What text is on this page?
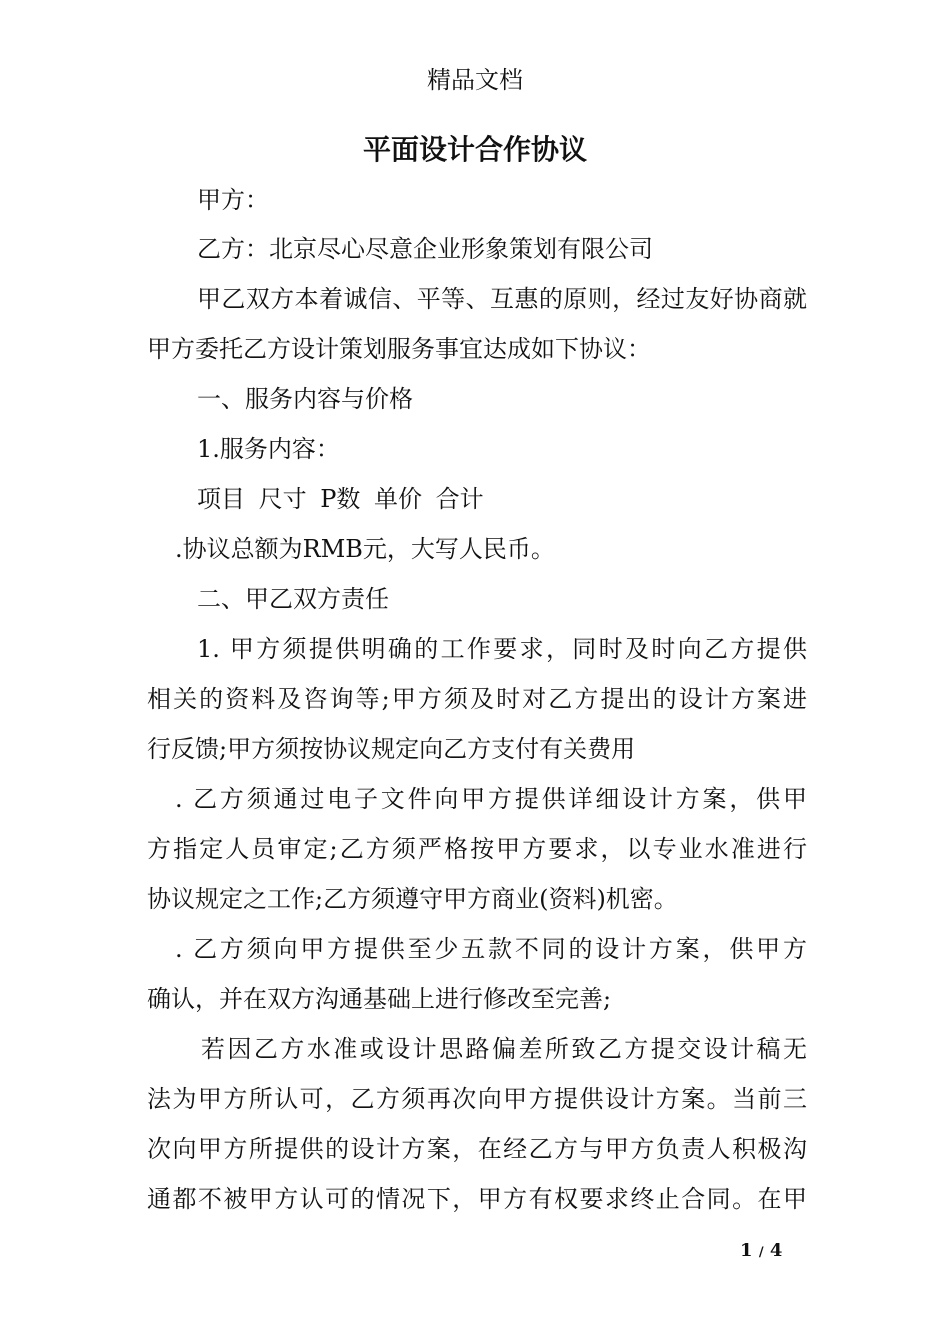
精品文档
平面设计合作协议
甲方：
乙方：北京尽心尽意企业形象策划有限公司
甲乙双方本着诚信、平等、互惠的原则，经过友好协商就
甲方委托乙方设计策划服务事宜达成如下协议：
一、服务内容与价格
1.服务内容：
项目 尺寸 P数 单价 合计
.协议总额为RMB元，大写人民币。
二、甲乙双方责任
1. 甲方须提供明确的工作要求，同时及时向乙方提供
相关的资料及咨询等;甲方须及时对乙方提出的设计方案进
行反馈;甲方须按协议规定向乙方支付有关费用
. 乙方须通过电子文件向甲方提供详细设计方案，供甲
方指定人员审定;乙方须严格按甲方要求，以专业水准进行
协议规定之工作;乙方须遵守甲方商业(资料)机密。
. 乙方须向甲方提供至少五款不同的设计方案，供甲方
确认，并在双方沟通基础上进行修改至完善;
若因乙方水准或设计思路偏差所致乙方提交设计稿无
法为甲方所认可，乙方须再次向甲方提供设计方案。当前三
次向甲方所提供的设计方案，在经乙方与甲方负责人积极沟
通都不被甲方认可的情况下，甲方有权要求终止合同。在甲
1 / 4
